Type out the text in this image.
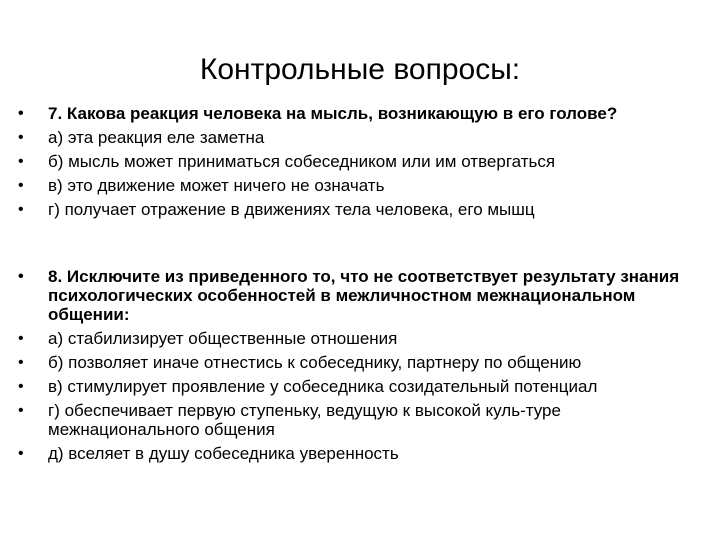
Контрольные вопросы:
• 7. Какова реакция человека на мысль, возникающую в его голове?
• а) эта реакция еле заметна
• б) мысль может приниматься собеседником или им отвергаться
• в) это движение может ничего не означать
• г) получает отражение в движениях тела человека, его мышц
• 8. Исключите из приведенного то, что не соответствует результату знания психологических особенностей в межличностном межнациональном общении:
• а) стабилизирует общественные отношения
• б) позволяет иначе отнестись к собеседнику, партнеру по общению
• в) стимулирует проявление у собеседника созидательный потенциал
• г) обеспечивает первую ступеньку, ведущую к высокой куль-туре межнационального общения
• д) вселяет в душу собеседника уверенность
